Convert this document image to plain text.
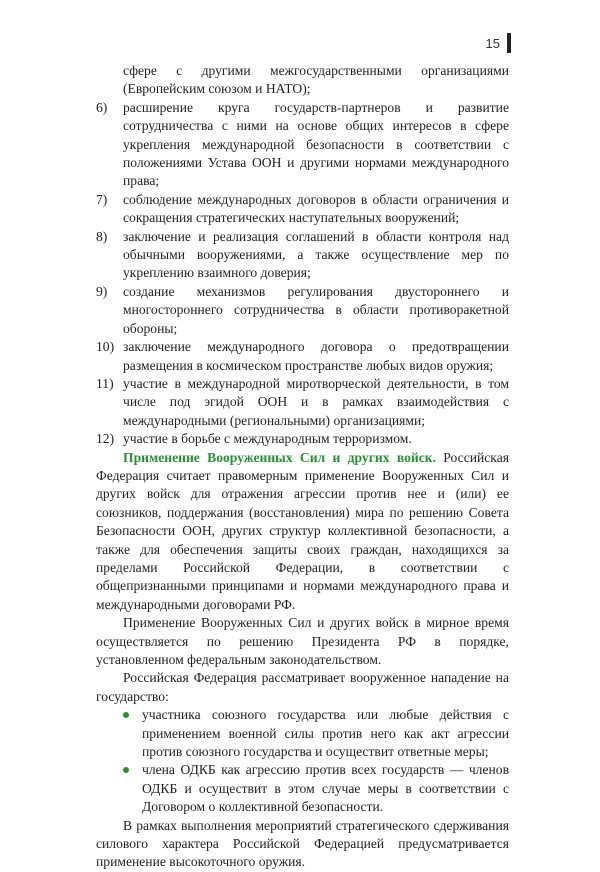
15

сфере с другими межгосударственными организациями (Европейским союзом и НАТО);

6) расширение круга государств-партнеров и развитие сотрудничества с ними на основе общих интересов в сфере укрепления международной безопасности в соответствии с положениями Устава ООН и другими нормами международного права;

7) соблюдение международных договоров в области ограничения и сокращения стратегических наступательных вооружений;

8) заключение и реализация соглашений в области контроля над обычными вооружениями, а также осуществление мер по укреплению взаимного доверия;

9) создание механизмов регулирования двустороннего и многостороннего сотрудничества в области противоракетной обороны;

10) заключение международного договора о предотвращении размещения в космическом пространстве любых видов оружия;

11) участие в международной миротворческой деятельности, в том числе под эгидой ООН и в рамках взаимодействия с международными (региональными) организациями;

12) участие в борьбе с международным терроризмом.

Применение Вооруженных Сил и других войск. Российская Федерация считает правомерным применение Вооруженных Сил и других войск для отражения агрессии против нее и (или) ее союзников, поддержания (восстановления) мира по решению Совета Безопасности ООН, других структур коллективной безопасности, а также для обеспечения защиты своих граждан, находящихся за пределами Российской Федерации, в соответствии с общепризнанными принципами и нормами международного права и международными договорами РФ.

Применение Вооруженных Сил и других войск в мирное время осуществляется по решению Президента РФ в порядке, установленном федеральным законодательством.

Российская Федерация рассматривает вооруженное нападение на государство:

участника союзного государства или любые действия с применением военной силы против него как акт агрессии против союзного государства и осуществит ответные меры;

члена ОДКБ как агрессию против всех государств — членов ОДКБ и осуществит в этом случае меры в соответствии с Договором о коллективной безопасности.

В рамках выполнения мероприятий стратегического сдерживания силового характера Российской Федерацией предусматривается применение высокоточного оружия.
